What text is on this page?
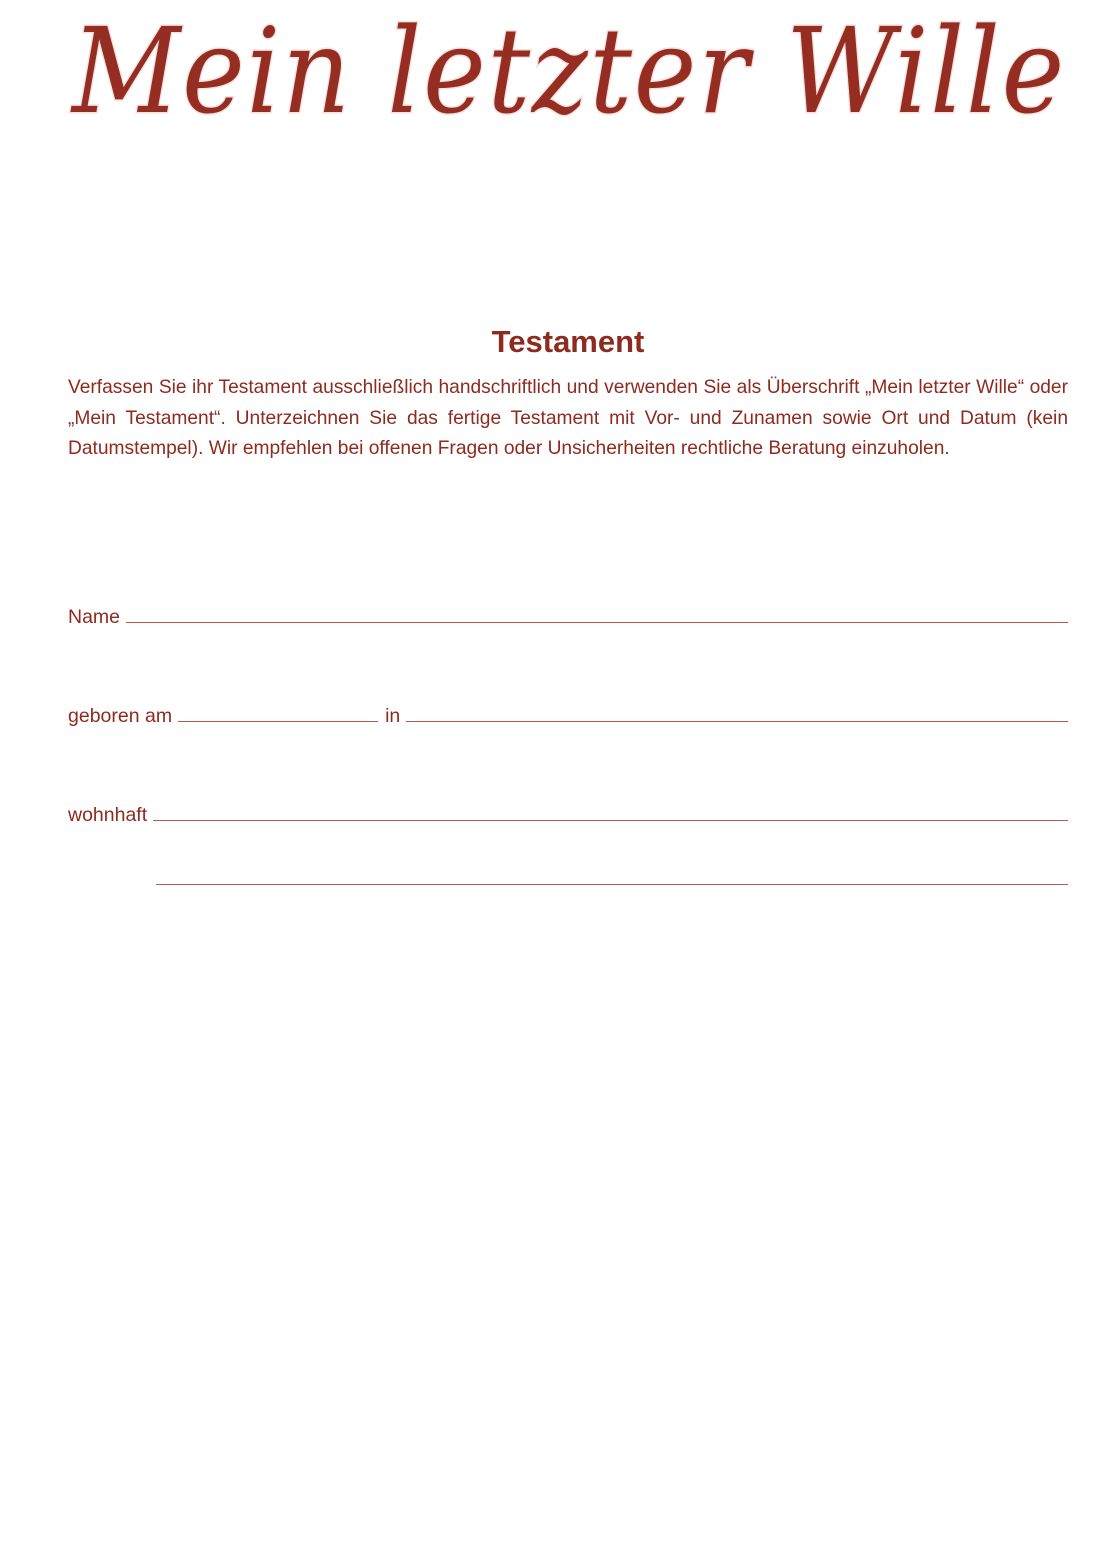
Mein letzter Wille
Testament

Verfassen Sie ihr Testament ausschließlich handschriftlich und verwenden Sie als Überschrift „Mein letzter Wille“ oder „Mein Testament“. Unterzeichnen Sie das fertige Testament mit Vor- und Zunamen sowie Ort und Datum (kein Datumstempel). Wir empfehlen bei offenen Fragen oder Unsicherheiten rechtliche Beratung einzuholen.

Name
geboren am	in
wohnhaft
